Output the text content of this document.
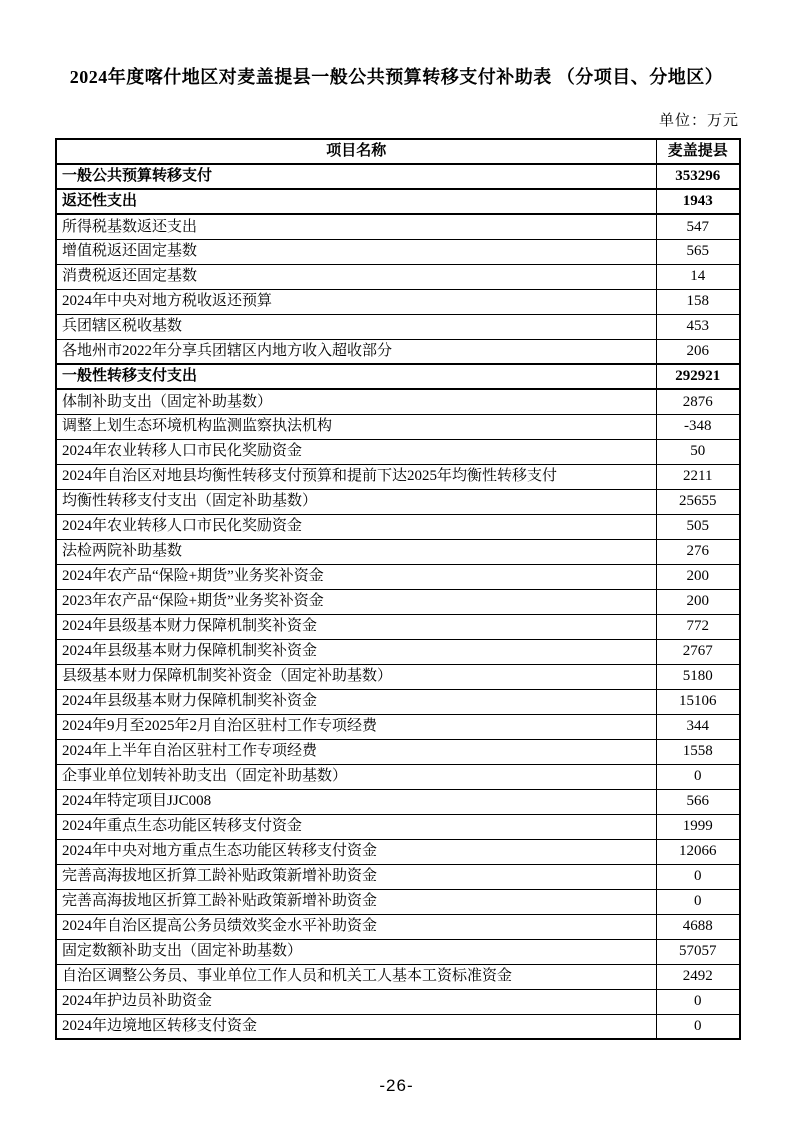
2024年度喀什地区对麦盖提县一般公共预算转移支付补助表 （分项目、分地区）
单位：万元
项目名称	麦盖提县
一般公共预算转移支付	353296
返还性支出	1943
所得税基数返还支出	547
增值税返还固定基数	565
消费税返还固定基数	14
2024年中央对地方税收返还预算	158
兵团辖区税收基数	453
各地州市2022年分享兵团辖区内地方收入超收部分	206
一般性转移支付支出	292921
体制补助支出（固定补助基数）	2876
调整上划生态环境机构监测监察执法机构	-348
2024年农业转移人口市民化奖励资金	50
2024年自治区对地县均衡性转移支付预算和提前下达2025年均衡性转移支付	2211
均衡性转移支付支出（固定补助基数）	25655
2024年农业转移人口市民化奖励资金	505
法检两院补助基数	276
2024年农产品“保险+期货”业务奖补资金	200
2023年农产品“保险+期货”业务奖补资金	200
2024年县级基本财力保障机制奖补资金	772
2024年县级基本财力保障机制奖补资金	2767
县级基本财力保障机制奖补资金（固定补助基数）	5180
2024年县级基本财力保障机制奖补资金	15106
2024年9月至2025年2月自治区驻村工作专项经费	344
2024年上半年自治区驻村工作专项经费	1558
企事业单位划转补助支出（固定补助基数）	0
2024年特定项目JJC008	566
2024年重点生态功能区转移支付资金	1999
2024年中央对地方重点生态功能区转移支付资金	12066
完善高海拔地区折算工龄补贴政策新增补助资金	0
完善高海拔地区折算工龄补贴政策新增补助资金	0
2024年自治区提高公务员绩效奖金水平补助资金	4688
固定数额补助支出（固定补助基数）	57057
自治区调整公务员、事业单位工作人员和机关工人基本工资标准资金	2492
2024年护边员补助资金	0
2024年边境地区转移支付资金	0
-26-
